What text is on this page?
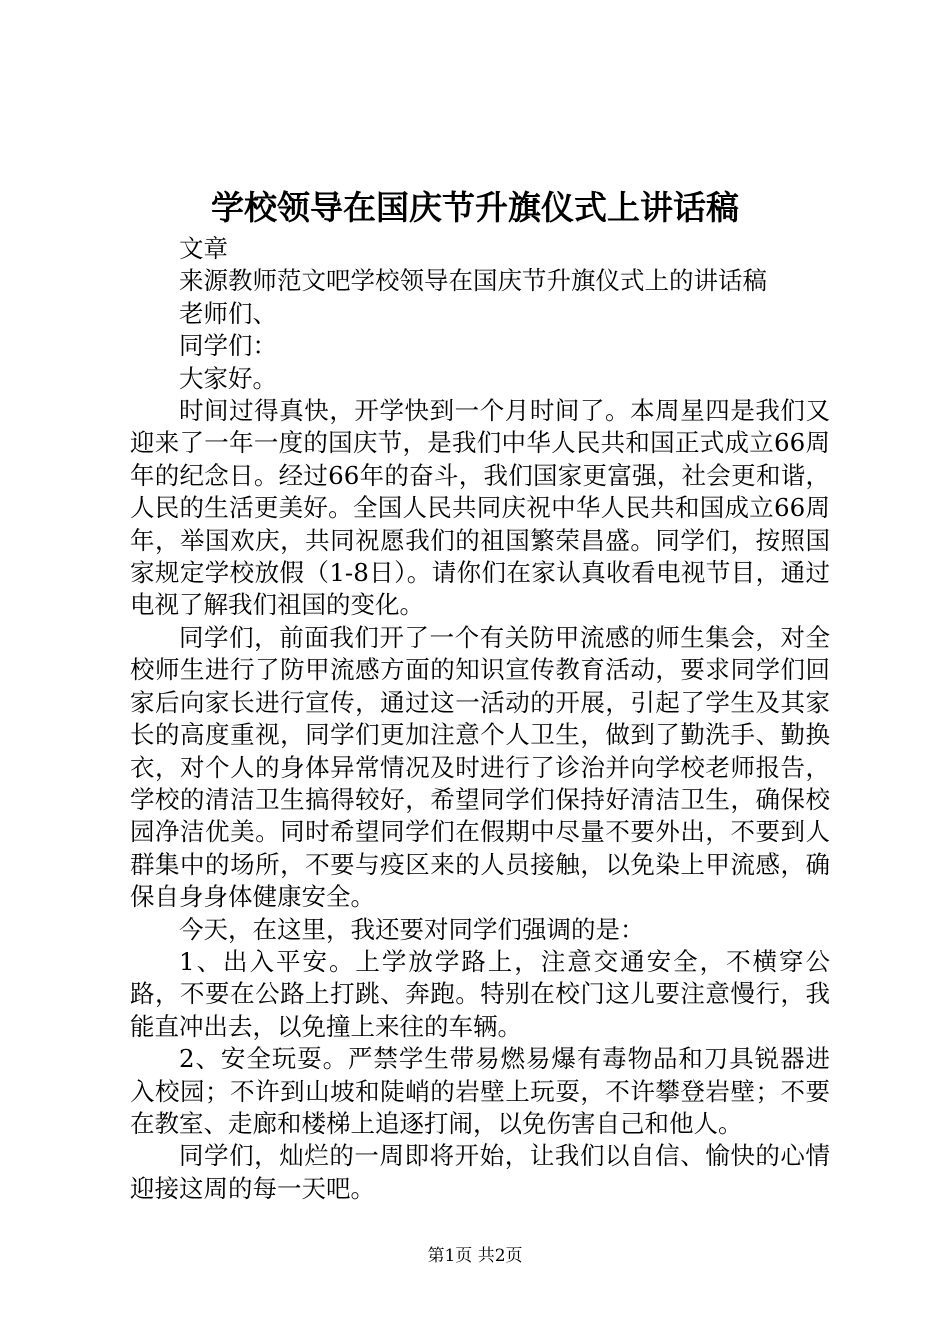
学校领导在国庆节升旗仪式上讲话稿

文章

来源教师范文吧学校领导在国庆节升旗仪式上的讲话稿

老师们、

同学们：

大家好。

时间过得真快，开学快到一个月时间了。本周星四是我们又迎来了一年一度的国庆节，是我们中华人民共和国正式成立66周年的纪念日。经过66年的奋斗，我们国家更富强，社会更和谐，人民的生活更美好。全国人民共同庆祝中华人民共和国成立66周年，举国欢庆，共同祝愿我们的祖国繁荣昌盛。同学们，按照国家规定学校放假（1-8日）。请你们在家认真收看电视节目，通过电视了解我们祖国的变化。

同学们，前面我们开了一个有关防甲流感的师生集会，对全校师生进行了防甲流感方面的知识宣传教育活动，要求同学们回家后向家长进行宣传，通过这一活动的开展，引起了学生及其家长的高度重视，同学们更加注意个人卫生，做到了勤洗手、勤换衣，对个人的身体异常情况及时进行了诊治并向学校老师报告，学校的清洁卫生搞得较好，希望同学们保持好清洁卫生，确保校园净洁优美。同时希望同学们在假期中尽量不要外出，不要到人群集中的场所，不要与疫区来的人员接触，以免染上甲流感，确保自身身体健康安全。

今天，在这里，我还要对同学们强调的是：

1、出入平安。上学放学路上，注意交通安全，不横穿公路，不要在公路上打跳、奔跑。特别在校门这儿要注意慢行，我能直冲出去，以免撞上来往的车辆。

2、安全玩耍。严禁学生带易燃易爆有毒物品和刀具锐器进入校园；不许到山坡和陡峭的岩壁上玩耍，不许攀登岩壁；不要在教室、走廊和楼梯上追逐打闹，以免伤害自己和他人。

同学们，灿烂的一周即将开始，让我们以自信、愉快的心情迎接这周的每一天吧。

第1页 共2页
